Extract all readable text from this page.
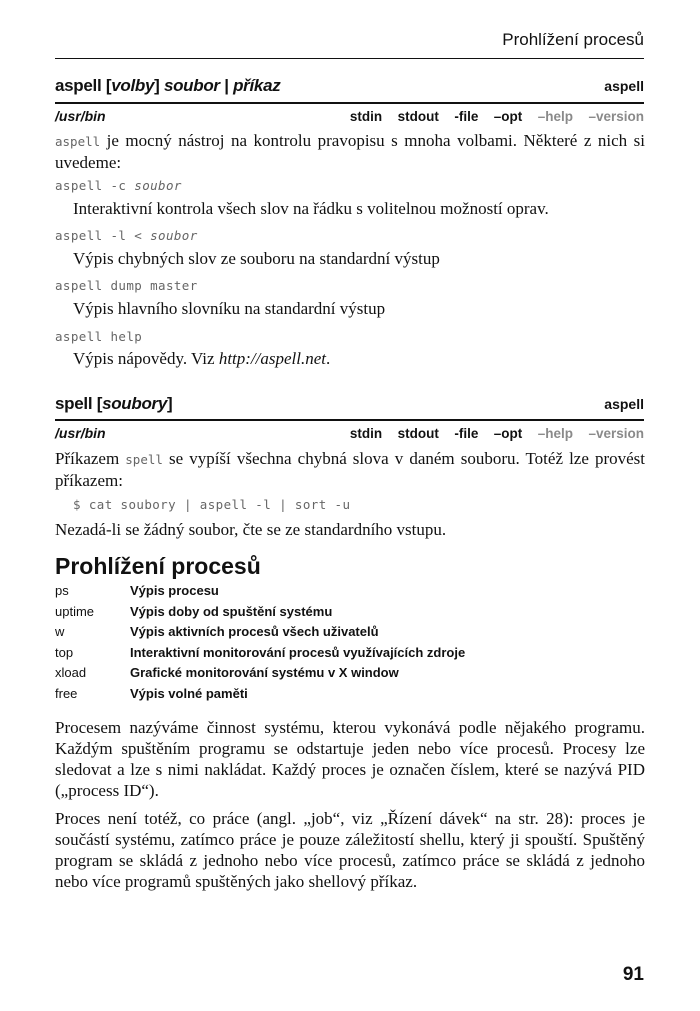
Prohlížení procesů
aspell [volby] soubor | příkaz	aspell
/usr/bin	stdin stdout -file –opt –help –version
aspell je mocný nástroj na kontrolu pravopisu s mnoha volbami. Některé z nich si uvedeme:
aspell -c soubor
Interaktivní kontrola všech slov na řádku s volitelnou možností oprav.
aspell -l < soubor
Výpis chybných slov ze souboru na standardní výstup
aspell dump master
Výpis hlavního slovníku na standardní výstup
aspell help
Výpis nápovědy. Viz http://aspell.net.
spell [soubory]	aspell
/usr/bin	stdin stdout -file –opt –help –version
Příkazem spell se vypíší všechna chybná slova v daném souboru. Totéž lze provést příkazem:
$ cat soubory | aspell -l | sort -u
Nezadá-li se žádný soubor, čte se ze standardního vstupu.
Prohlížení procesů
ps	Výpis procesu
uptime	Výpis doby od spuštění systému
w	Výpis aktivních procesů všech uživatelů
top	Interaktivní monitorování procesů využívajících zdroje
xload	Grafické monitorování systému v X window
free	Výpis volné paměti
Procesem nazýváme činnost systému, kterou vykonává podle nějakého programu. Každým spuštěním programu se odstartuje jeden nebo více procesů. Procesy lze sledovat a lze s nimi nakládat. Každý proces je označen číslem, které se nazývá PID („process ID“).
Proces není totéž, co práce (angl. „job“, viz „Řízení dávek“ na str. 28): proces je součástí systému, zatímco práce je pouze záležitostí shellu, který ji spouští. Spuštěný program se skládá z jednoho nebo více procesů, zatímco práce se skládá z jednoho nebo více programů spuštěných jako shellový příkaz.
91
